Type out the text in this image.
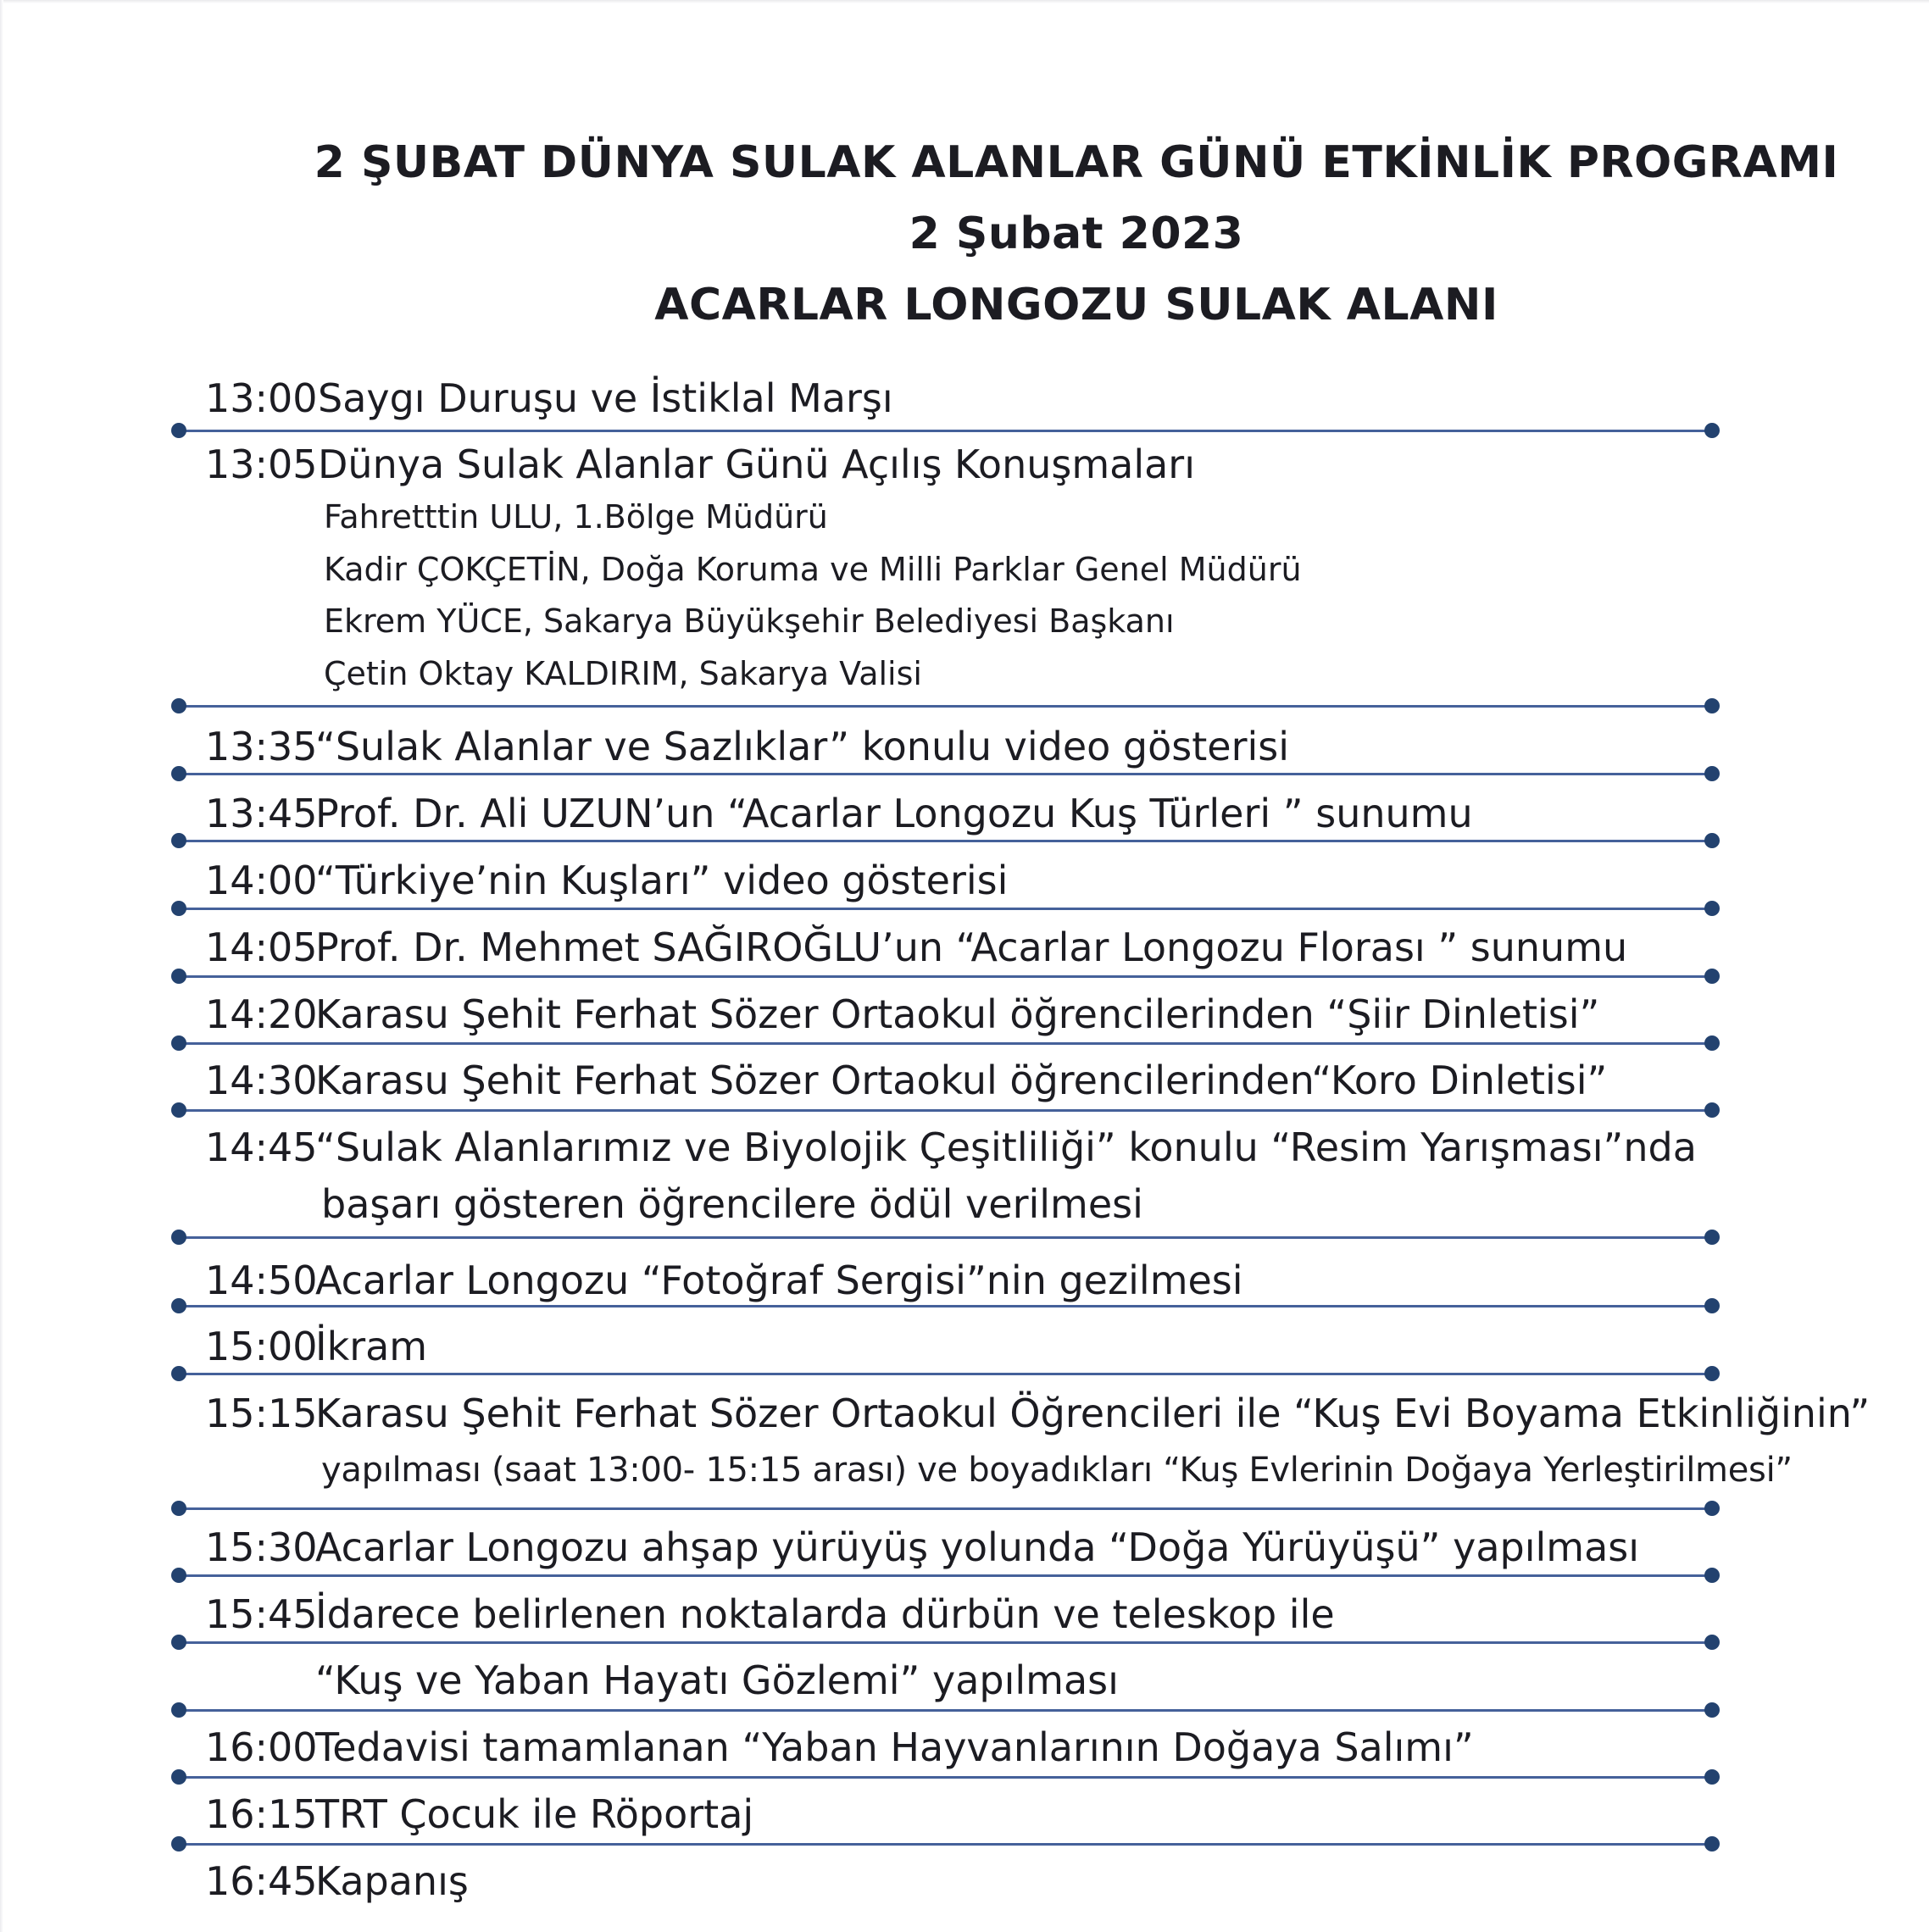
2 ŞUBAT DÜNYA SULAK ALANLAR GÜNÜ ETKİNLİK PROGRAMI
2 Şubat 2023
ACARLAR LONGOZU SULAK ALANI
13:00 Saygı Duruşu ve İstiklal Marşı
13:05 Dünya Sulak Alanlar Günü Açılış Konuşmaları
Fahretttin ULU, 1.Bölge Müdürü
Kadir ÇOKÇETİN, Doğa Koruma ve Milli Parklar Genel Müdürü
Ekrem YÜCE, Sakarya Büyükşehir Belediyesi Başkanı
Çetin Oktay KALDIRIM, Sakarya Valisi
13:35
“Sulak Alanlar ve Sazlıklar” konulu video gösterisi
13:45
Prof. Dr. Ali UZUN’un “Acarlar Longozu Kuş Türleri ” sunumu
14:00
“Türkiye’nin Kuşları” video gösterisi
14:05
Prof. Dr. Mehmet SAĞIROĞLU’un “Acarlar Longozu Florası ” sunumu
14:20
Karasu Şehit Ferhat Sözer Ortaokul öğrencilerinden “Şiir Dinletisi”
14:30
Karasu Şehit Ferhat Sözer Ortaokul öğrencilerinden“Koro Dinletisi”
14:45
“Sulak Alanlarımız ve Biyolojik Çeşitliliği” konulu “Resim Yarışması”nda
başarı gösteren öğrencilere ödül verilmesi
14:50
Acarlar Longozu “Fotoğraf Sergisi”nin gezilmesi
15:00
İkram
15:15
Karasu Şehit Ferhat Sözer Ortaokul Öğrencileri ile “Kuş Evi Boyama Etkinliğinin”
yapılması (saat 13:00- 15:15 arası) ve boyadıkları “Kuş Evlerinin Doğaya Yerleştirilmesi”
15:30
Acarlar Longozu ahşap yürüyüş yolunda “Doğa Yürüyüşü” yapılması
15:45
İdarece belirlenen noktalarda dürbün ve teleskop ile
“Kuş ve Yaban Hayatı Gözlemi” yapılması
16:00
Tedavisi tamamlanan “Yaban Hayvanlarının Doğaya Salımı”
16:15
TRT Çocuk ile Röportaj
16:45
Kapanış
